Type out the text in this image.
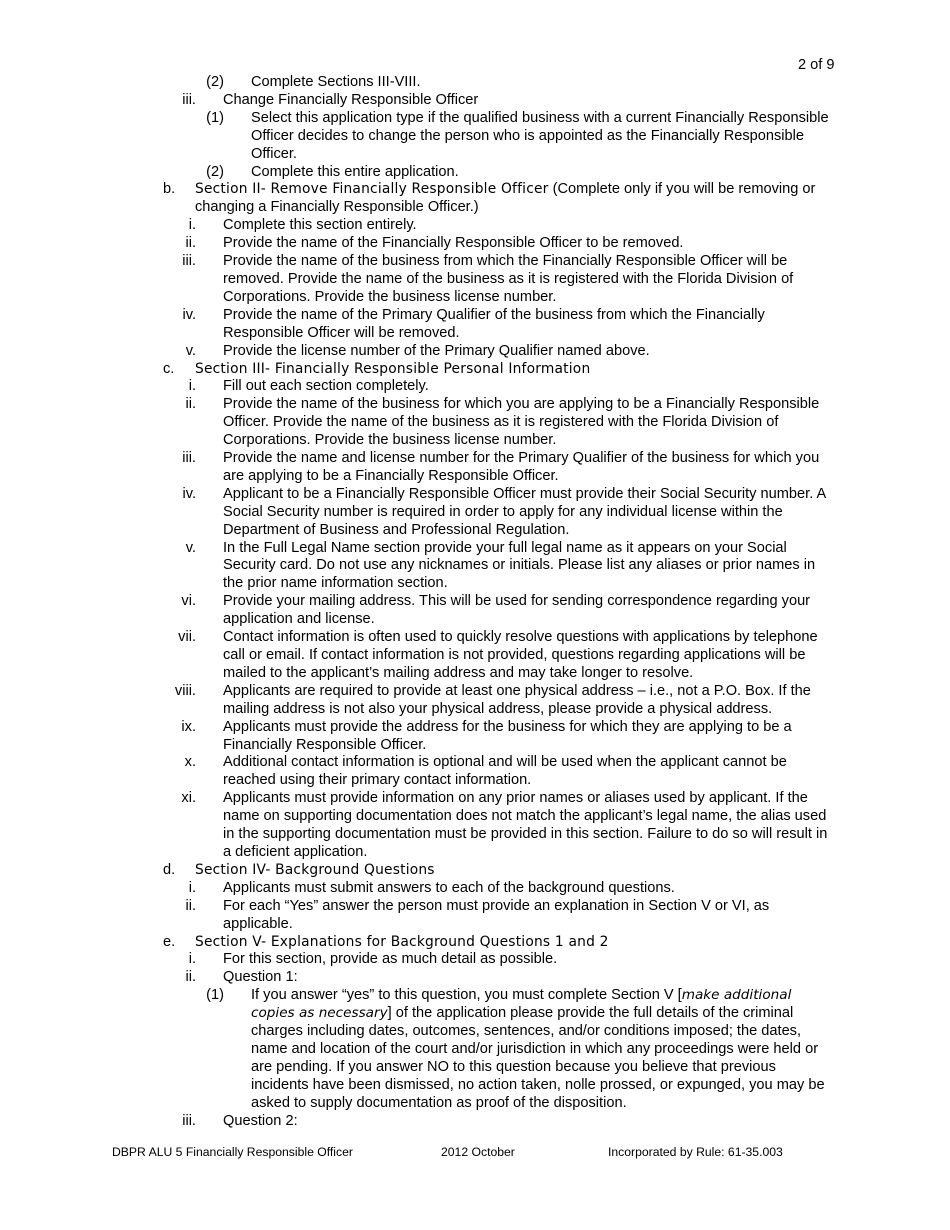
2 of 9
(2) Complete Sections III-VIII.
iii. Change Financially Responsible Officer
(1) Select this application type if the qualified business with a current Financially Responsible Officer decides to change the person who is appointed as the Financially Responsible Officer.
(2) Complete this entire application.
b.	Section II- Remove Financially Responsible Officer (Complete only if you will be removing or changing a Financially Responsible Officer.)
i. Complete this section entirely.
ii. Provide the name of the Financially Responsible Officer to be removed.
iii. Provide the name of the business from which the Financially Responsible Officer will be removed. Provide the name of the business as it is registered with the Florida Division of Corporations. Provide the business license number.
iv. Provide the name of the Primary Qualifier of the business from which the Financially Responsible Officer will be removed.
v. Provide the license number of the Primary Qualifier named above.
c.	Section III- Financially Responsible Personal Information
i. Fill out each section completely.
ii. Provide the name of the business for which you are applying to be a Financially Responsible Officer. Provide the name of the business as it is registered with the Florida Division of Corporations. Provide the business license number.
iii. Provide the name and license number for the Primary Qualifier of the business for which you are applying to be a Financially Responsible Officer.
iv. Applicant to be a Financially Responsible Officer must provide their Social Security number. A Social Security number is required in order to apply for any individual license within the Department of Business and Professional Regulation.
v. In the Full Legal Name section provide your full legal name as it appears on your Social Security card. Do not use any nicknames or initials. Please list any aliases or prior names in the prior name information section.
vi. Provide your mailing address. This will be used for sending correspondence regarding your application and license.
vii. Contact information is often used to quickly resolve questions with applications by telephone call or email. If contact information is not provided, questions regarding applications will be mailed to the applicant’s mailing address and may take longer to resolve.
viii. Applicants are required to provide at least one physical address – i.e., not a P.O. Box. If the mailing address is not also your physical address, please provide a physical address.
ix. Applicants must provide the address for the business for which they are applying to be a Financially Responsible Officer.
x. Additional contact information is optional and will be used when the applicant cannot be reached using their primary contact information.
xi. Applicants must provide information on any prior names or aliases used by applicant. If the name on supporting documentation does not match the applicant’s legal name, the alias used in the supporting documentation must be provided in this section. Failure to do so will result in a deficient application.
d.	Section IV- Background Questions
i. Applicants must submit answers to each of the background questions.
ii. For each “Yes” answer the person must provide an explanation in Section V or VI, as applicable.
e.	Section V- Explanations for Background Questions 1 and 2
i. For this section, provide as much detail as possible.
ii. Question 1:
(1) If you answer “yes” to this question, you must complete Section V [make additional copies as necessary] of the application please provide the full details of the criminal charges including dates, outcomes, sentences, and/or conditions imposed; the dates, name and location of the court and/or jurisdiction in which any proceedings were held or are pending. If you answer NO to this question because you believe that previous incidents have been dismissed, no action taken, nolle prossed, or expunged, you may be asked to supply documentation as proof of the disposition.
iii. Question 2:
DBPR ALU 5 Financially Responsible Officer	2012 October	Incorporated by Rule: 61-35.003
